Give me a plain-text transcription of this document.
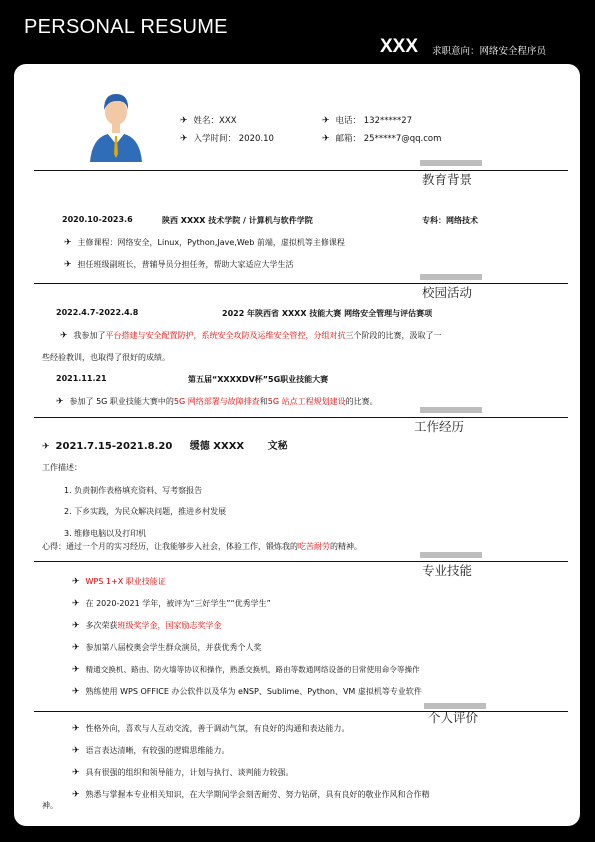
PERSONAL RESUME
XXX 求职意向：网络安全程序员
✈ 姓名：XXX
✈ 入学时间： 2020.10
✈ 电话： 132*****27
✈ 邮箱： 25*****7@qq.com
教育背景
2020.10-2023.6	陕西 XXXX 技术学院 / 计算机与软件学院	专科：网络技术
✈ 主修课程：网络安全，Linux，Python,Jave,Web 前端，虚拟机等主修课程
✈ 担任班级副班长，普辅导员分担任务，帮助大家适应大学生活
校园活动
2022.4.7-2022.4.8	2022 年陕西省 XXXX 技能大赛 网络安全管理与评估赛项
✈ 我参加了平台搭建与安全配置防护，系统安全攻防及运维安全管控，分组对抗三个阶段的比赛，汲取了一
些经验教训，也取得了很好的成绩。
2021.11.21	第五届“XXXXDV杯”5G职业技能大赛
✈ 参加了 5G 职业技能大赛中的5G 网络部署与故障排查和5G 站点工程规划建设的比赛。
工作经历
✈ 2021.7.15-2021.8.20 缓德 XXXX 文秘
工作描述：
1. 负责制作表格填充资料、写考察报告
2. 下乡实践，为民众解决问题，推进乡村发展
3. 维修电脑以及打印机
心得：通过一个月的实习经历，让我能够步入社会，体验工作，锻炼我的吃苦耐劳的精神。
专业技能
✈ WPS 1+X 职业技能证
✈ 在 2020-2021 学年，被评为“三好学生”“优秀学生”
✈ 多次荣获班级奖学金，国家励志奖学金
✈ 参加第八届校奥会学生群众演员，并获优秀个人奖
✈ 精通交换机、路由、防火墙等协议和操作，熟悉交换机，路由等数通网络设备的日常使用命令等操作
✈ 熟练使用 WPS OFFICE 办公软件以及华为 eNSP、Sublime、Python、VM 虚拟机等专业软件
个人评价
✈ 性格外向，喜欢与人互动交流，善于调动气氛，有良好的沟通和表达能力。
✈ 语言表达清晰，有较强的逻辑思维能力。
✈ 具有很强的组织和领导能力，计划与执行、谈判能力较强。
✈ 熟悉与掌握本专业相关知识，在大学期间学会刻苦耐劳、努力钻研，具有良好的敬业作风和合作精
神。
